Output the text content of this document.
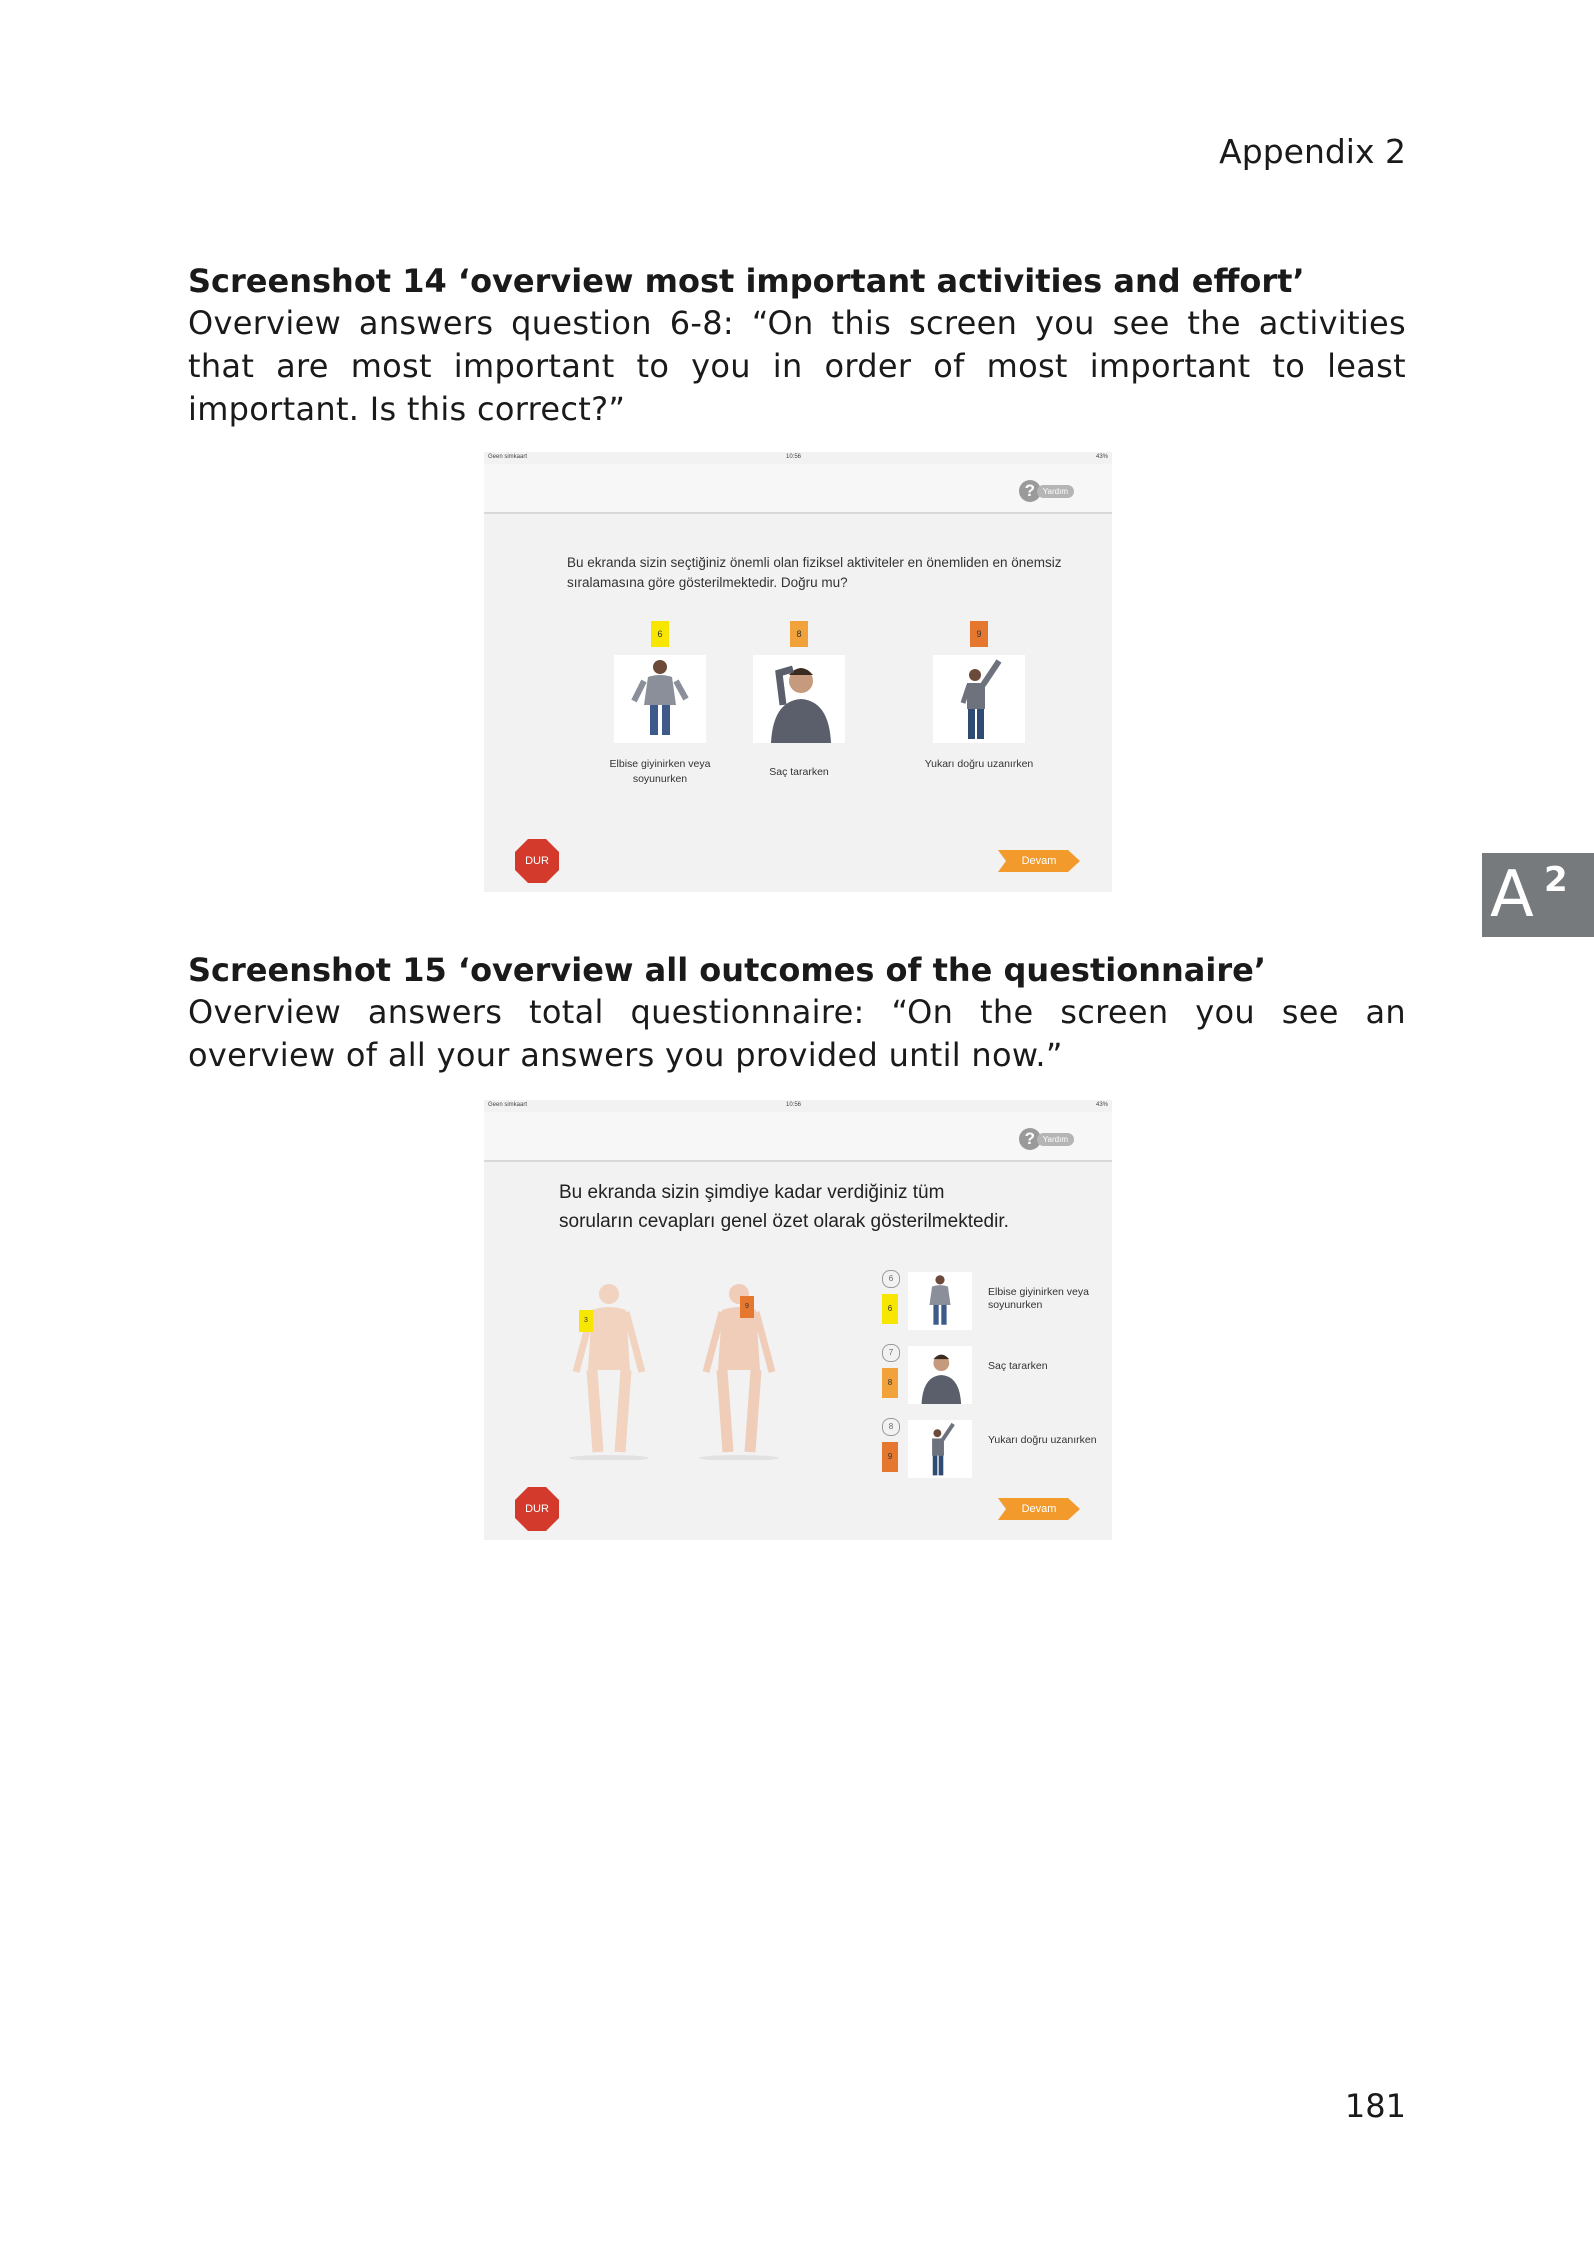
Appendix 2
Screenshot 14 ‘overview most important activities and effort’
Overview answers question 6-8: “On this screen you see the activities that are most important to you in order of most important to least important. Is this correct?”
Geen simkaart	10:56	43%
? Yardım
Bu ekranda sizin seçtiğiniz önemli olan fiziksel aktiviteler en önemliden en önemsiz sıralamasına göre gösterilmektedir. Doğru mu?
6
Elbise giyinirken veya soyunurken
8
Saç tararken
9
Yukarı doğru uzanırken
DUR	Devam
Screenshot 15 ‘overview all outcomes of the questionnaire’
Overview answers total questionnaire: “On the screen you see an overview of all your answers you provided until now.”
Geen simkaart	10:56	43%
? Yardım
Bu ekranda sizin şimdiye kadar verdiğiniz tüm soruların cevapları genel özet olarak gösterilmektedir.
3
9
6
6
Elbise giyinirken veya soyunurken
7
8
Saç tararken
8
9
Yukarı doğru uzanırken
DUR	Devam
A 2
181
